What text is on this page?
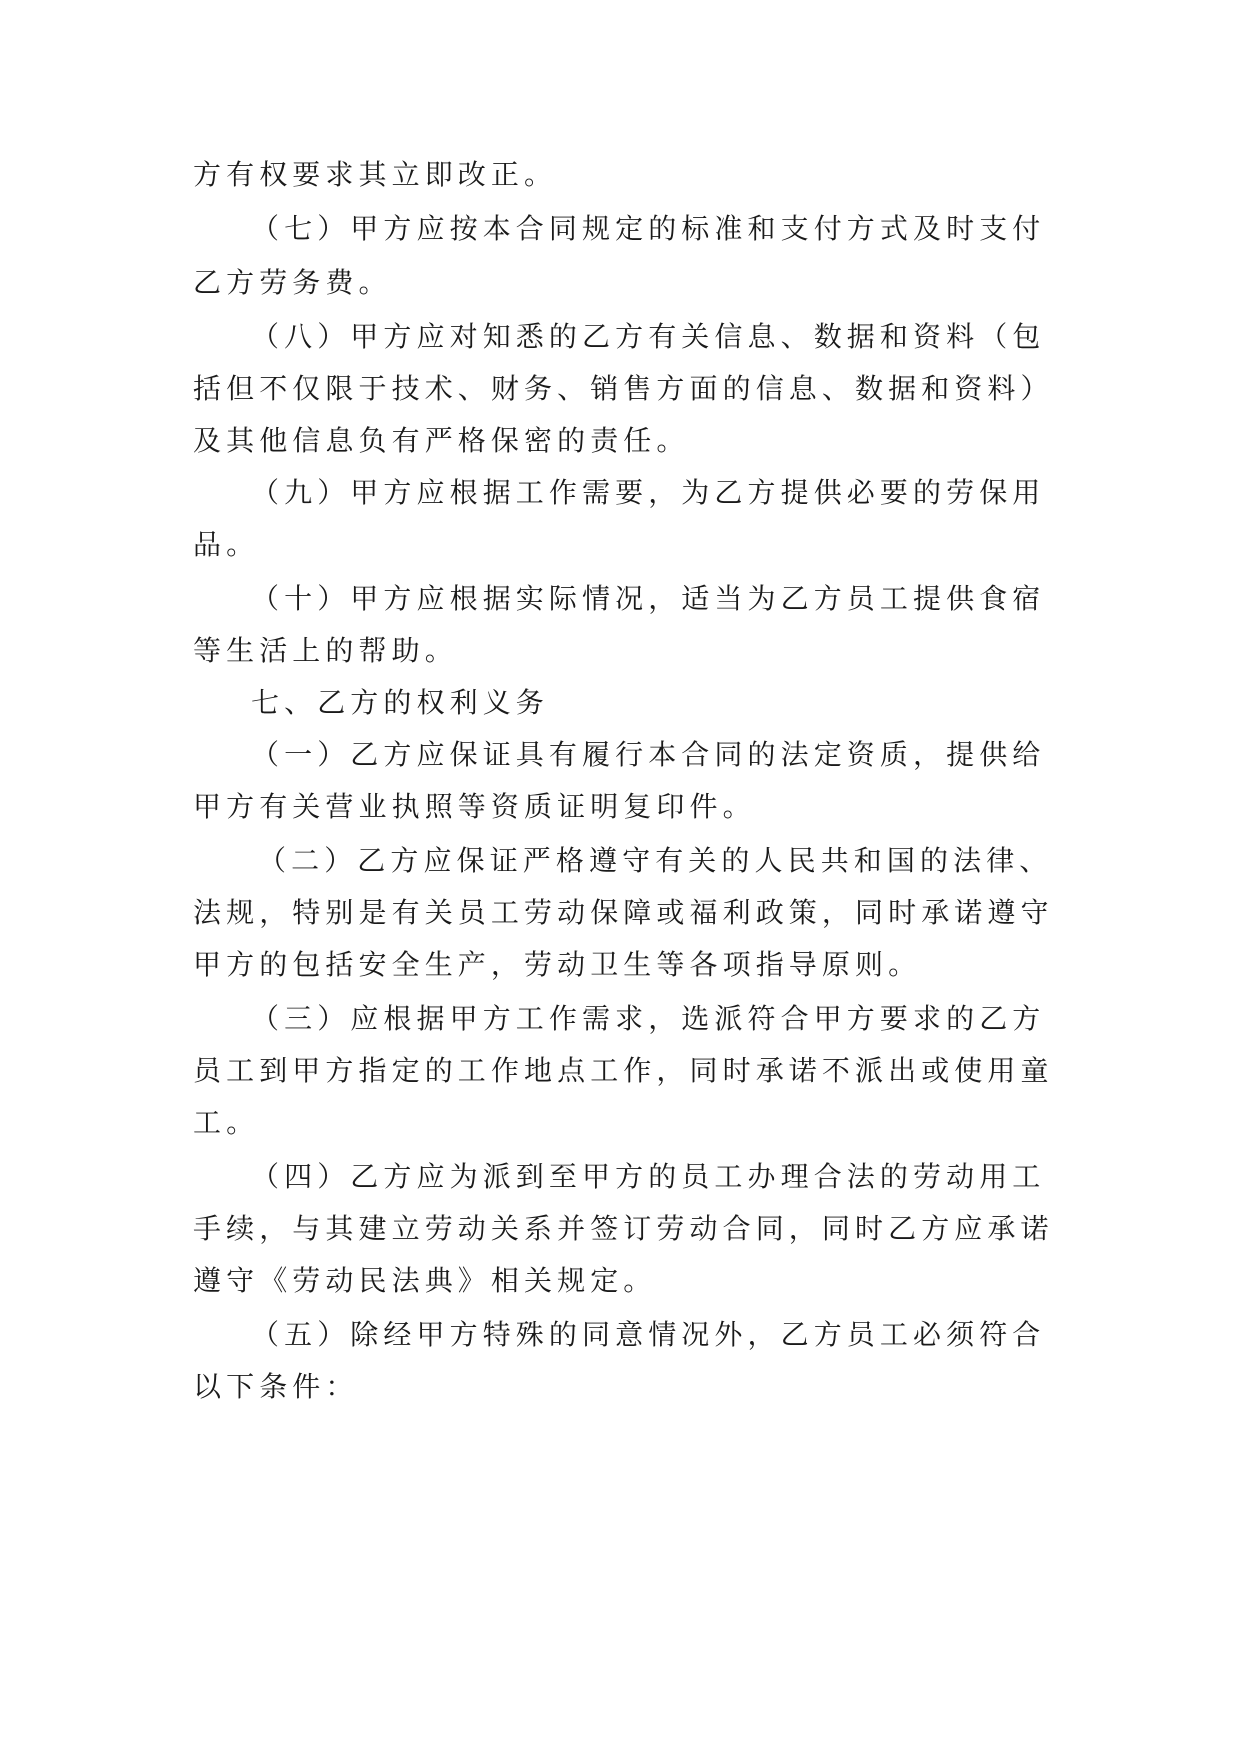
方有权要求其立即改正。

（七）甲方应按本合同规定的标准和支付方式及时支付

乙方劳务费。

（八）甲方应对知悉的乙方有关信息、数据和资料（包

括但不仅限于技术、财务、销售方面的信息、数据和资料）

及其他信息负有严格保密的责任。

（九）甲方应根据工作需要，为乙方提供必要的劳保用

品。

（十）甲方应根据实际情况，适当为乙方员工提供食宿

等生活上的帮助。

七、乙方的权利义务

（一）乙方应保证具有履行本合同的法定资质，提供给

甲方有关营业执照等资质证明复印件。

（二）乙方应保证严格遵守有关的人民共和国的法律、

法规，特别是有关员工劳动保障或福利政策，同时承诺遵守

甲方的包括安全生产，劳动卫生等各项指导原则。

（三）应根据甲方工作需求，选派符合甲方要求的乙方

员工到甲方指定的工作地点工作，同时承诺不派出或使用童

工。

（四）乙方应为派到至甲方的员工办理合法的劳动用工

手续，与其建立劳动关系并签订劳动合同，同时乙方应承诺

遵守《劳动民法典》相关规定。

（五）除经甲方特殊的同意情况外，乙方员工必须符合

以下条件：
